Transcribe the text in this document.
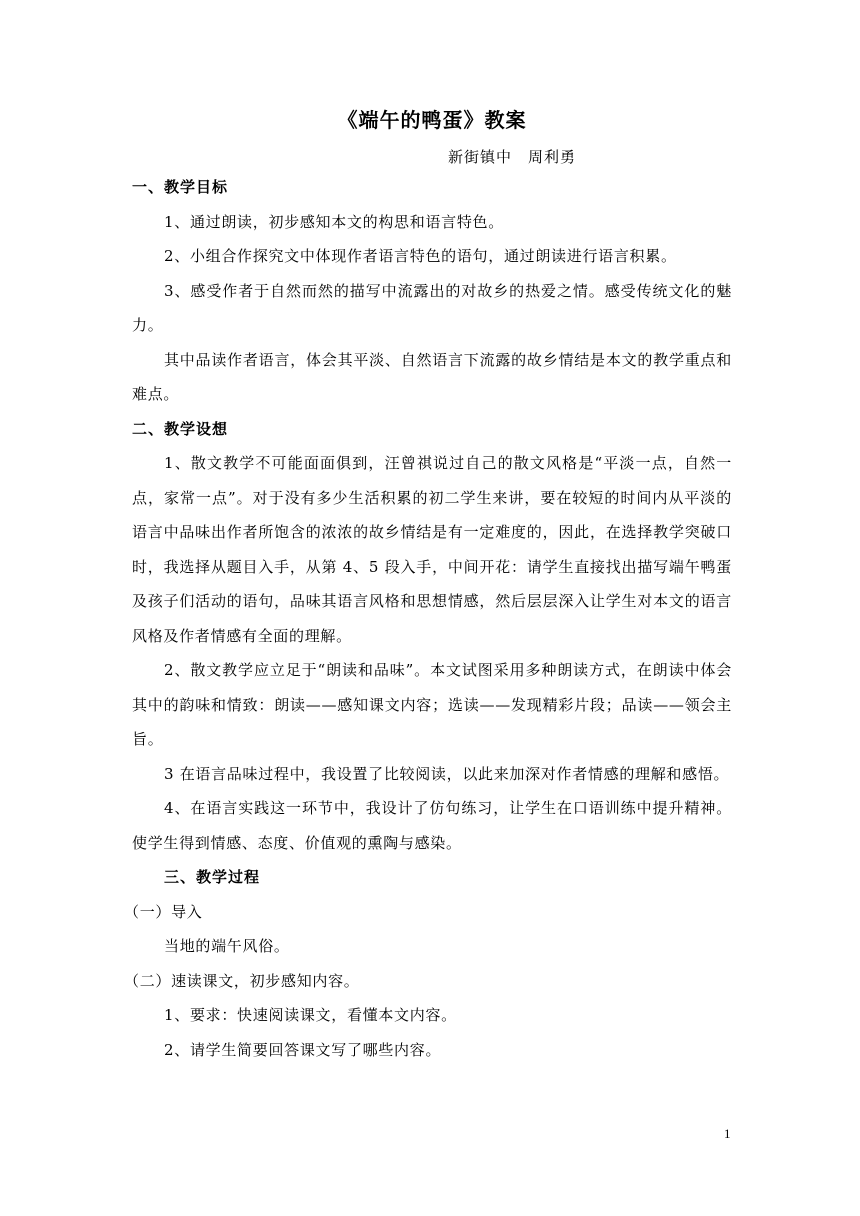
《端午的鸭蛋》教案
新街镇中　周利勇
一、教学目标

1、通过朗读，初步感知本文的构思和语言特色。

2、小组合作探究文中体现作者语言特色的语句，通过朗读进行语言积累。

3、感受作者于自然而然的描写中流露出的对故乡的热爱之情。感受传统文化的魅力。

其中品读作者语言，体会其平淡、自然语言下流露的故乡情结是本文的教学重点和难点。

二、教学设想

1、散文教学不可能面面俱到，汪曾祺说过自己的散文风格是“平淡一点，自然一点，家常一点”。对于没有多少生活积累的初二学生来讲，要在较短的时间内从平淡的语言中品味出作者所饱含的浓浓的故乡情结是有一定难度的，因此，在选择教学突破口时，我选择从题目入手，从第 4、5 段入手，中间开花：请学生直接找出描写端午鸭蛋及孩子们活动的语句，品味其语言风格和思想情感，然后层层深入让学生对本文的语言风格及作者情感有全面的理解。

2、散文教学应立足于“朗读和品味”。本文试图采用多种朗读方式，在朗读中体会其中的韵味和情致：朗读——感知课文内容；选读——发现精彩片段；品读——领会主旨。

3 在语言品味过程中，我设置了比较阅读，以此来加深对作者情感的理解和感悟。

4、在语言实践这一环节中，我设计了仿句练习，让学生在口语训练中提升精神。使学生得到情感、态度、价值观的熏陶与感染。

三、教学过程

（一）导入

当地的端午风俗。

（二）速读课文，初步感知内容。

1、要求：快速阅读课文，看懂本文内容。

2、请学生简要回答课文写了哪些内容。

1
